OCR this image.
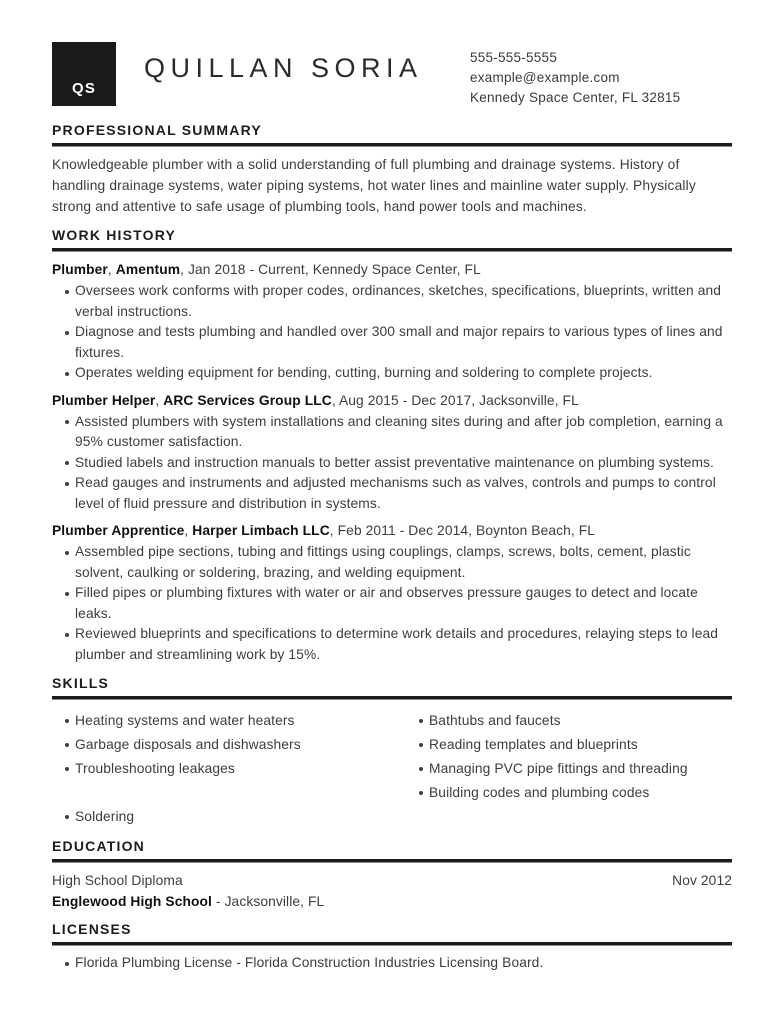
QS
QUILLAN SORIA	555-555-5555
example@example.com
Kennedy Space Center, FL 32815
PROFESSIONAL SUMMARY

Knowledgeable plumber with a solid understanding of full plumbing and drainage systems. History of handling drainage systems, water piping systems, hot water lines and mainline water supply. Physically strong and attentive to safe usage of plumbing tools, hand power tools and machines.

WORK HISTORY
Plumber, Amentum, Jan 2018 - Current, Kennedy Space Center, FL
Oversees work conforms with proper codes, ordinances, sketches, specifications, blueprints, written and verbal instructions.
Diagnose and tests plumbing and handled over 300 small and major repairs to various types of lines and fixtures.
Operates welding equipment for bending, cutting, burning and soldering to complete projects.
Plumber Helper, ARC Services Group LLC, Aug 2015 - Dec 2017, Jacksonville, FL
Assisted plumbers with system installations and cleaning sites during and after job completion, earning a 95% customer satisfaction.
Studied labels and instruction manuals to better assist preventative maintenance on plumbing systems.
Read gauges and instruments and adjusted mechanisms such as valves, controls and pumps to control level of fluid pressure and distribution in systems.
Plumber Apprentice, Harper Limbach LLC, Feb 2011 - Dec 2014, Boynton Beach, FL
Assembled pipe sections, tubing and fittings using couplings, clamps, screws, bolts, cement, plastic solvent, caulking or soldering, brazing, and welding equipment.
Filled pipes or plumbing fixtures with water or air and observes pressure gauges to detect and locate leaks.
Reviewed blueprints and specifications to determine work details and procedures, relaying steps to lead plumber and streamlining work by 15%.
SKILLS
Heating systems and water heaters
Garbage disposals and dishwashers
Troubleshooting leakages
Soldering
Bathtubs and faucets
Reading templates and blueprints
Managing PVC pipe fittings and threading
Building codes and plumbing codes
EDUCATION
High School Diploma	Nov 2012
Englewood High School - Jacksonville, FL
LICENSES
Florida Plumbing License - Florida Construction Industries Licensing Board.
